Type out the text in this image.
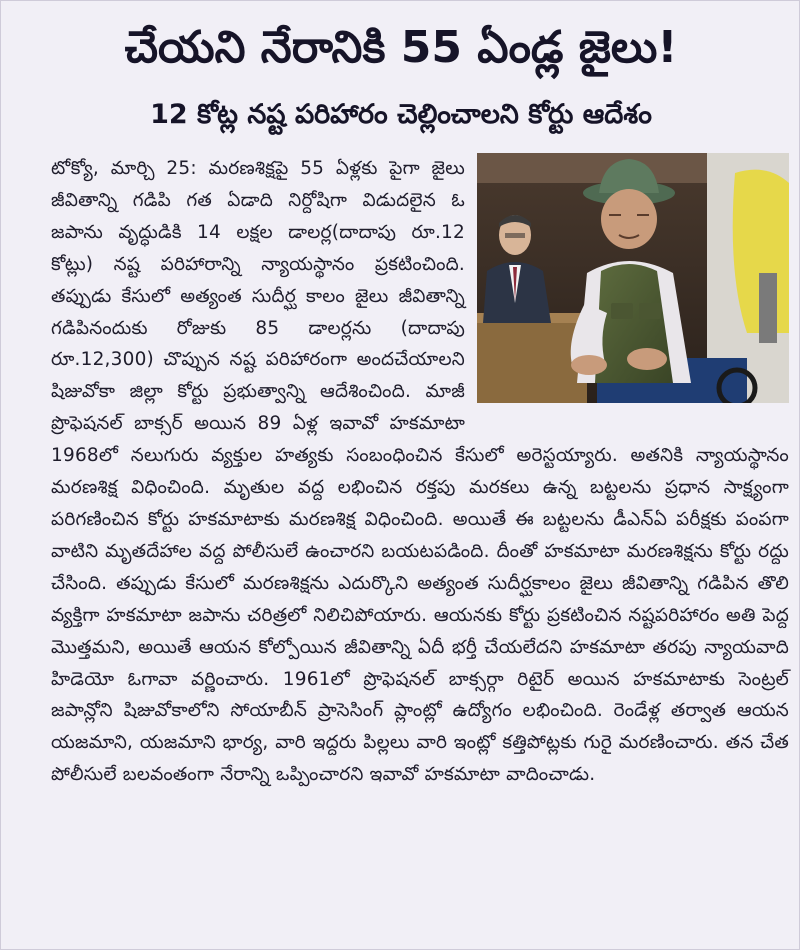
చేయని నేరానికి 55 ఏండ్ల జైలు!
12 కోట్ల నష్ట పరిహారం చెల్లించాలని కోర్టు ఆదేశం
టోక్యో, మార్చి 25: మరణశిక్షపై 55 ఏళ్లకు పైగా జైలు జీవితాన్ని గడిపి గత ఏడాది నిర్దోషిగా విడుదలైన ఓ జపాను వృద్ధుడికి 14 లక్షల డాలర్ల(దాదాపు రూ.12 కోట్లు) నష్ట పరిహారాన్ని న్యాయస్థానం ప్రకటించింది. తప్పుడు కేసులో అత్యంత సుదీర్ఘ కాలం జైలు జీవితాన్ని గడిపినందుకు రోజుకు 85 డాలర్లను (దాదాపు రూ.12,300) చొప్పున నష్ట పరిహారంగా అందచేయాలని షిజువోకా జిల్లా కోర్టు ప్రభుత్వాన్ని ఆదేశించింది. మాజీ ప్రొఫెషనల్ బాక్సర్ అయిన 89 ఏళ్ల ఇవావో హకమాటా 1968లో నలుగురు వ్యక్తుల హత్యకు సంబంధించిన కేసులో అరెస్టయ్యారు. అతనికి న్యాయస్థానం మరణశిక్ష విధించింది. మృతుల వద్ద లభించిన రక్తపు మరకలు ఉన్న బట్టలను ప్రధాన సాక్ష్యంగా పరిగణించిన కోర్టు హకమాటాకు మరణశిక్ష విధించింది. అయితే ఈ బట్టలను డీఎన్ఏ పరీక్షకు పంపగా వాటిని మృతదేహాల వద్ద పోలీసులే ఉంచారని బయటపడింది. దీంతో హకమాటా మరణశిక్షను కోర్టు రద్దు చేసింది. తప్పుడు కేసులో మరణశిక్షను ఎదుర్కొని అత్యంత సుదీర్ఘకాలం జైలు జీవితాన్ని గడిపిన తొలి వ్యక్తిగా హకమాటా జపాను చరిత్రలో నిలిచిపోయారు. ఆయనకు కోర్టు ప్రకటించిన నష్టపరిహారం అతి పెద్ద మొత్తమని, అయితే ఆయన కోల్పోయిన జీవితాన్ని ఏదీ భర్తీ చేయలేదని హకమాటా తరపు న్యాయవాది హిడెయో ఓగావా వర్ణించారు. 1961లో ప్రొఫెషనల్ బాక్సర్గా రిటైర్ అయిన హకమాటాకు సెంట్రల్ జపాన్లోని షిజువోకాలోని సోయాబీన్ ప్రాసెసింగ్ ప్లాంట్లో ఉద్యోగం లభించింది. రెండేళ్ల తర్వాత ఆయన యజమాని, యజమాని భార్య, వారి ఇద్దరు పిల్లలు వారి ఇంట్లో కత్తిపోట్లకు గురై మరణించారు. తన చేత పోలీసులే బలవంతంగా నేరాన్ని ఒప్పించారని ఇవావో హకమాటా వాదించాడు.
